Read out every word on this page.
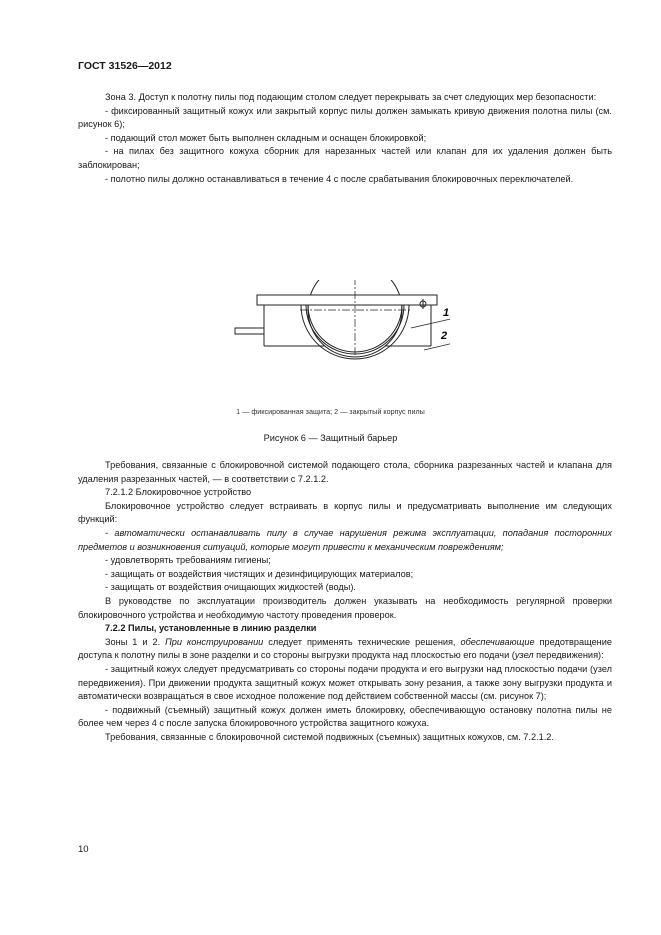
ГОСТ 31526—2012

Зона 3. Доступ к полотну пилы под подающим столом следует перекрывать за счет следующих мер безопасности:

- фиксированный защитный кожух или закрытый корпус пилы должен замыкать кривую движения полотна пилы (см. рисунок 6);

- подающий стол может быть выполнен складным и оснащен блокировкой;

- на пилах без защитного кожуха сборник для нарезанных частей или клапан для их удаления должен быть заблокирован;

- полотно пилы должно останавливаться в течение 4 с после срабатывания блокировочных переключателей.

1
2
1 — фиксированная защита; 2 — закрытый корпус пилы
Рисунок 6 — Защитный барьер

Требования, связанные с блокировочной системой подающего стола, сборника разрезанных частей и клапана для удаления разрезанных частей, — в соответствии с 7.2.1.2.

7.2.1.2 Блокировочное устройство

Блокировочное устройство следует встраивать в корпус пилы и предусматривать выполнение им следующих функций:

- автоматически останавливать пилу в случае нарушения режима эксплуатации, попадания посторонних предметов и возникновения ситуаций, которые могут привести к механическим повреждениям;

- удовлетворять требованиям гигиены;

- защищать от воздействия чистящих и дезинфицирующих материалов;

- защищать от воздействия очищающих жидкостей (воды).

В руководстве по эксплуатации производитель должен указывать на необходимость регулярной проверки блокировочного устройства и необходимую частоту проведения проверок.

7.2.2 Пилы, установленные в линию разделки

Зоны 1 и 2. При конструировании следует применять технические решения, обеспечивающие предотвращение доступа к полотну пилы в зоне разделки и со стороны выгрузки продукта над плоскостью его подачи (узел передвижения):

- защитный кожух следует предусматривать со стороны подачи продукта и его выгрузки над плоскостью подачи (узел передвижения). При движении продукта защитный кожух может открывать зону резания, а также зону выгрузки продукта и автоматически возвращаться в свое исходное положение под действием собственной массы (см. рисунок 7);

- подвижный (съемный) защитный кожух должен иметь блокировку, обеспечивающую остановку полотна пилы не более чем через 4 с после запуска блокировочного устройства защитного кожуха.

Требования, связанные с блокировочной системой подвижных (съемных) защитных кожухов, см. 7.2.1.2.

10
